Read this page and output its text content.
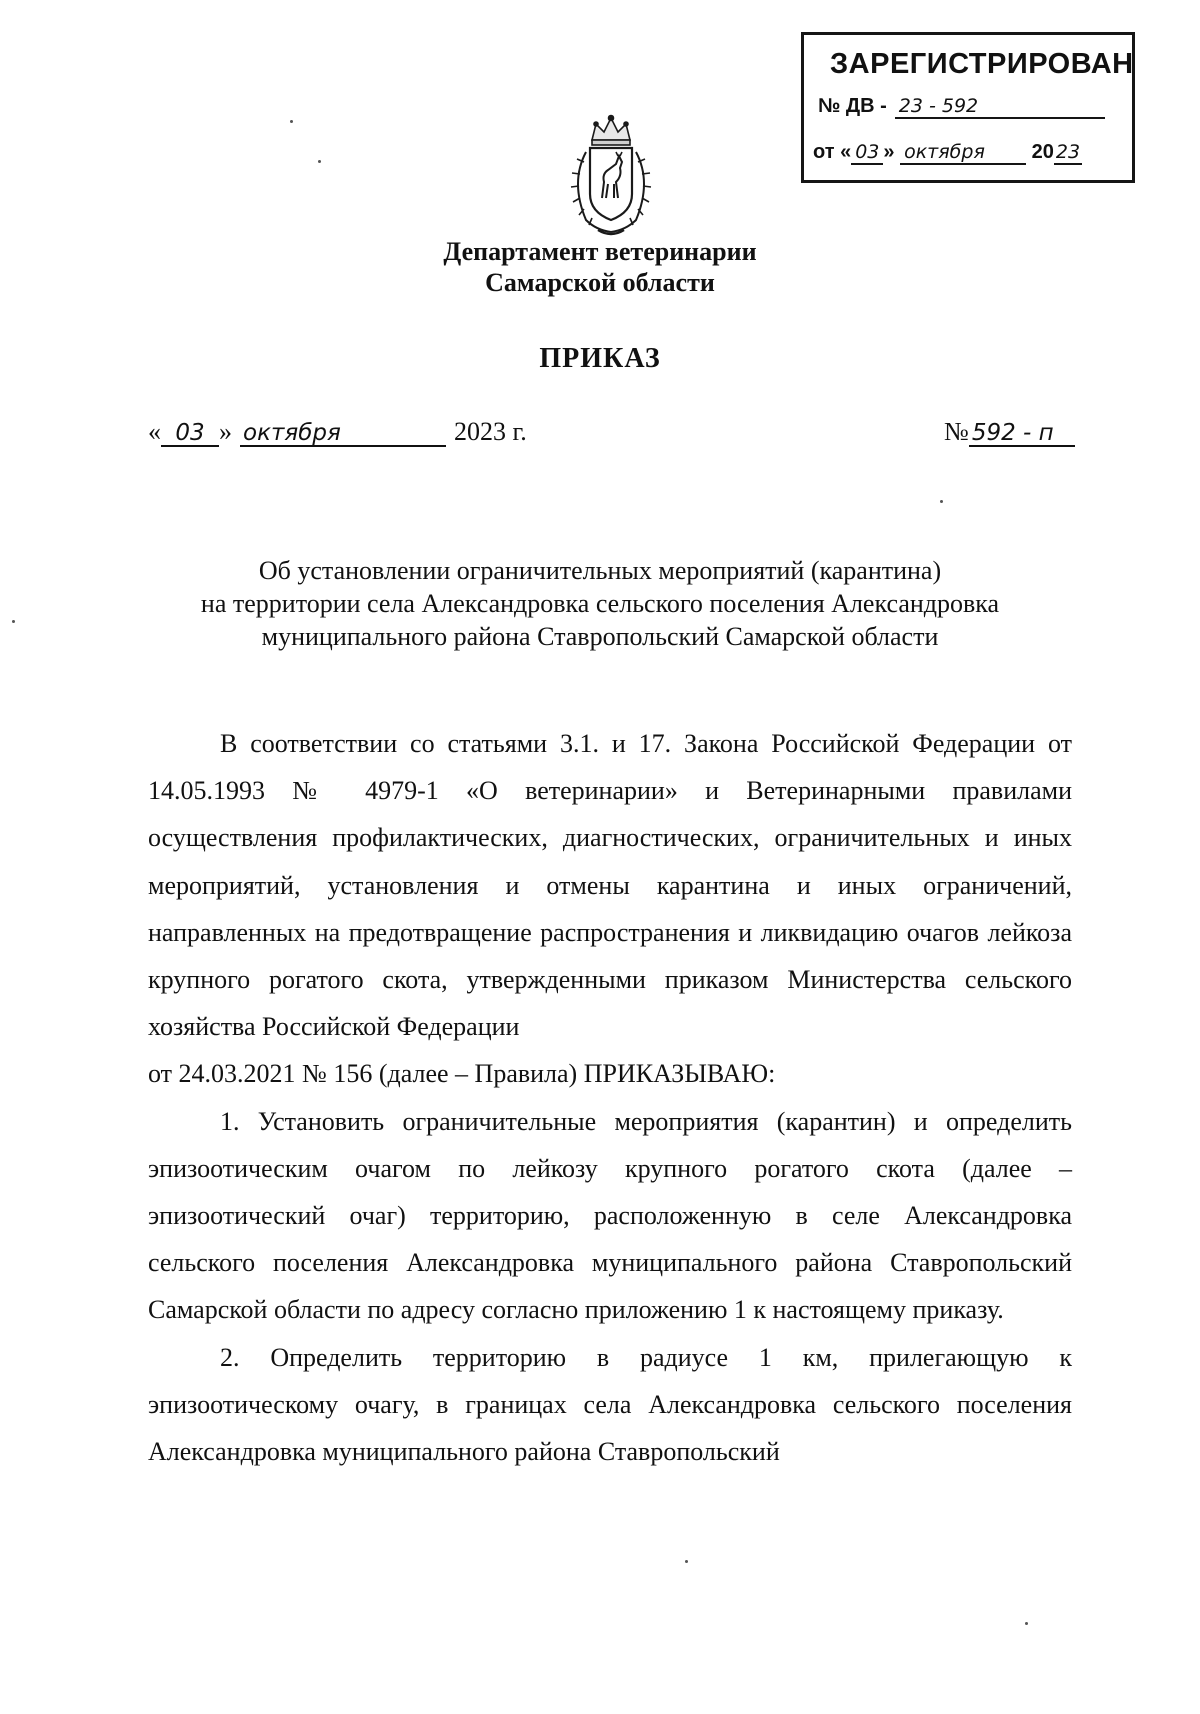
ЗАРЕГИСТРИРОВАН
№ ДВ - 23 - 592
от « 03 » октября 20 23
Департамент ветеринарии
Самарской области
ПРИКАЗ
« 03 » октября	2023 г.	№ 592 - п
Об установлении ограничительных мероприятий (карантина)
на территории села Александровка сельского поселения Александровка
муниципального района Ставропольский Самарской области

В соответствии со статьями 3.1. и 17. Закона Российской Федерации от 14.05.1993 № 4979-1 «О ветеринарии» и Ветеринарными правилами осуществления профилактических, диагностических, ограничительных и иных мероприятий, установления и отмены карантина и иных ограничений, направленных на предотвращение распространения и ликвидацию очагов лейкоза крупного рогатого скота, утвержденными приказом Министерства сельского хозяйства Российской Федерации

от 24.03.2021 № 156 (далее – Правила) ПРИКАЗЫВАЮ:

1. Установить ограничительные мероприятия (карантин) и определить эпизоотическим очагом по лейкозу крупного рогатого скота (далее – эпизоотический очаг) территорию, расположенную в селе Александровка сельского поселения Александровка муниципального района Ставропольский Самарской области по адресу согласно приложению 1 к настоящему приказу.

2. Определить территорию в радиусе 1 км, прилегающую к эпизоотическому очагу, в границах села Александровка сельского поселения Александровка муниципального района Ставропольский
